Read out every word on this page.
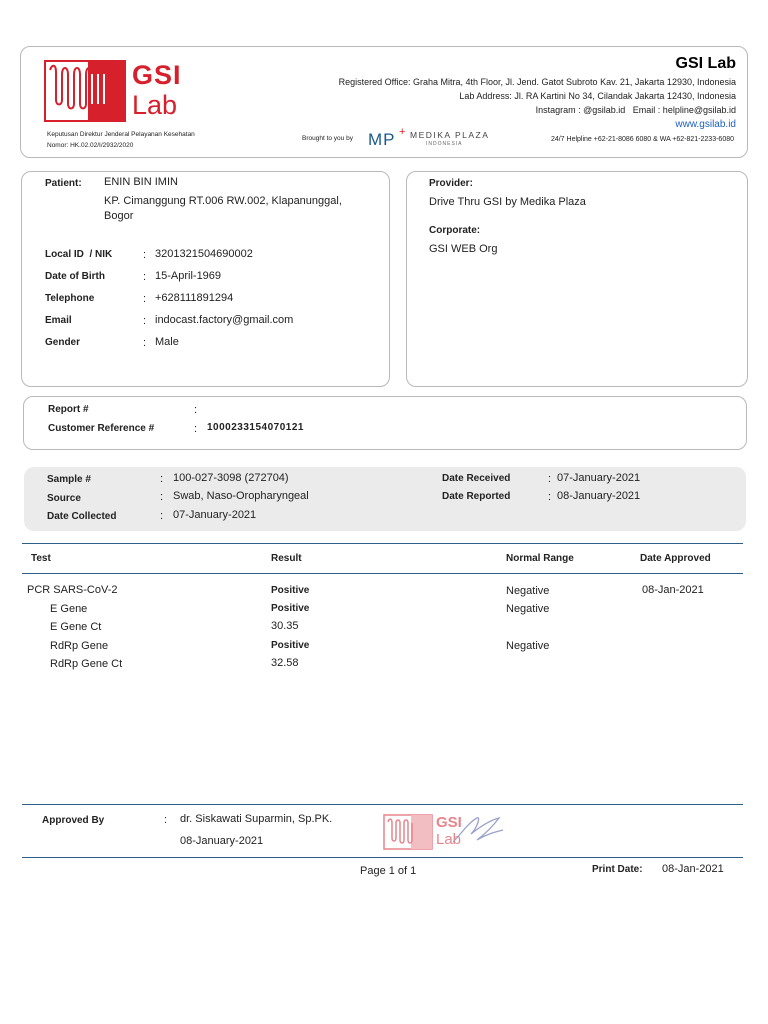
GSI
Lab
GSI Lab
Registered Office: Graha Mitra, 4th Floor, Jl. Jend. Gatot Subroto Kav. 21, Jakarta 12930, Indonesia
Lab Address: Jl. RA Kartini No 34, Cilandak Jakarta 12430, Indonesia
Instagram : @gsilab.id   Email : helpline@gsilab.id
www.gsilab.id
Keputusan Direktur Jenderal Pelayanan Kesehatan
Nomor: HK.02.02/I/2932/2020
Brought to you by MP + MEDIKA PLAZA
INDONESIA
24/7 Helpline +62-21-8086 6080 & WA +62-821-2233-6080
Patient: ENIN BIN IMIN
KP. Cimanggung RT.006 RW.002, Klapanunggal,
Bogor
Local ID  / NIK	: 3201321504690002
Date of Birth	: 15-April-1969
Telephone	: +628111891294
Email	: indocast.factory@gmail.com
Gender	: Male
Provider:
Drive Thru GSI by Medika Plaza
Corporate:
GSI WEB Org
Report #	:
Customer Reference #	: 1000233154070121
Sample #	: 100-027-3098 (272704)
Source	: Swab, Naso-Oropharyngeal
Date Collected	: 07-January-2021
Date Received	: 07-January-2021
Date Reported	: 08-January-2021
Test	Result	Normal Range	Date Approved
PCR SARS-CoV-2	Positive	Negative	08-Jan-2021
E Gene	Positive	Negative
E Gene Ct	30.35
RdRp Gene	Positive	Negative
RdRp Gene Ct	32.58
Approved By	: dr. Siskawati Suparmin, Sp.PK.
08-January-2021
GSI
Lab
Page 1 of 1	Print Date: 08-Jan-2021
